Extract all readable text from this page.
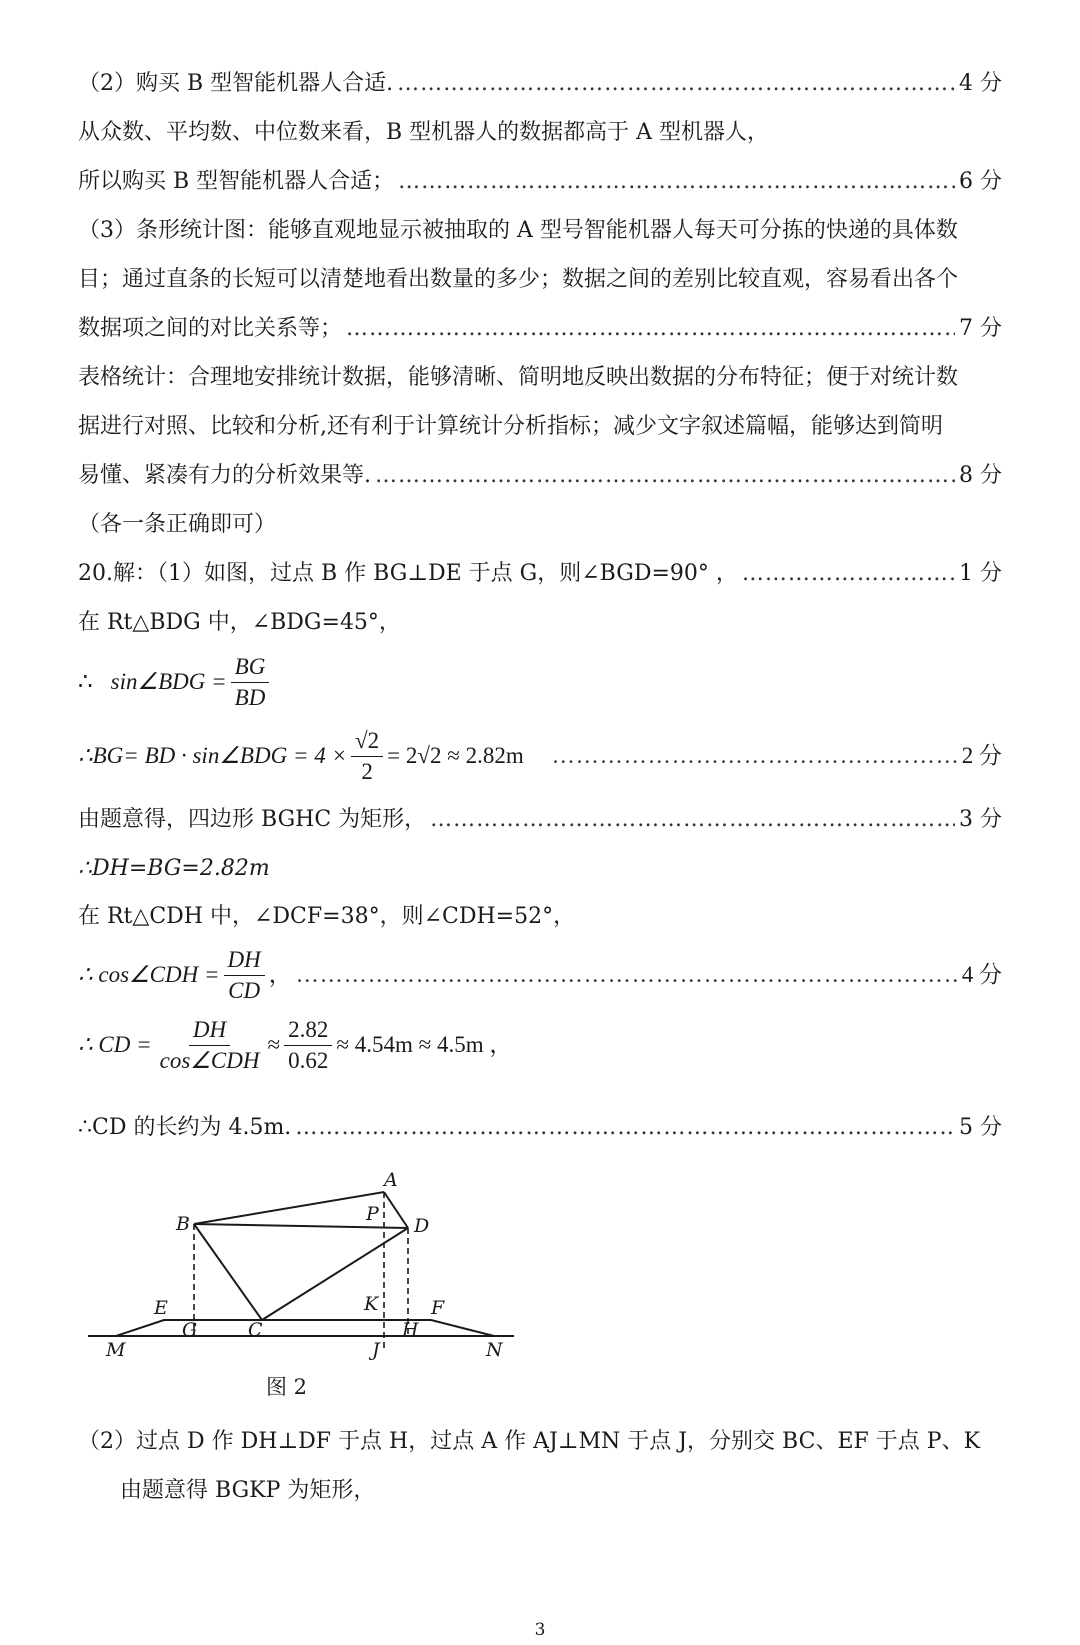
（2）购买 B 型智能机器人合适. ………………………………………………………………………………………………………………………………………………………………	4 分
从众数、平均数、中位数来看，B 型机器人的数据都高于 A 型机器人，
所以购买 B 型智能机器人合适； ………………………………………………………………………………………………………………………………………………………………	6 分
（3）条形统计图：能够直观地显示被抽取的 A 型号智能机器人每天可分拣的快递的具体数
目；通过直条的长短可以清楚地看出数量的多少；数据之间的差别比较直观，容易看出各个
数据项之间的对比关系等； ………………………………………………………………………………………………………………………………………………………………	7 分
表格统计：合理地安排统计数据，能够清晰、简明地反映出数据的分布特征；便于对统计数
据进行对照、比较和分析,还有利于计算统计分析指标；减少文字叙述篇幅，能够达到简明
易懂、紧凑有力的分析效果等. ………………………………………………………………………………………………………………………………………………………………	8 分
（各一条正确即可）
20.解：（1）如图，过点 B 作 BG⊥DE 于点 G，则∠BGD=90° ， ………………………………………………………………………………………………………………………………………………………………	1 分
在 Rt△BDG 中，∠BDG=45°，
∴ sin∠BDG = $\frac{BG}{BD}$
∴BG= BD · sin∠BDG = $4 \times \frac{√2}{2} = 2√2 \approx 2.82m$ ………………………………………………………………………………………………………………………………………………………………	2 分
由题意得，四边形 BGHC 为矩形， ………………………………………………………………………………………………………………………………………………………………	3 分
∴DH=BG=2.82m
在 Rt△CDH 中，∠DCF=38°，则∠CDH=52°，
∴ cos∠CDH = $\frac{DH}{CD}$ ， ………………………………………………………………………………………………………………………………………………………………	4 分
∴ CD = $\frac{DH}{\text{cos∠CDH}} \approx \frac{2.82}{0.62} \approx 4.54m \approx 4.5m$ ，
∴CD 的长约为 4.5m. ………………………………………………………………………………………………………………………………………………………………	5 分
A
B
C
D
E	F
G	H
J
K
M	N
P
图 2
（2）过点 D 作 DH⊥DF 于点 H，过点 A 作 AJ⊥MN 于点 J，分别交 BC、EF 于点 P、K
由题意得 BGKP 为矩形，
3
